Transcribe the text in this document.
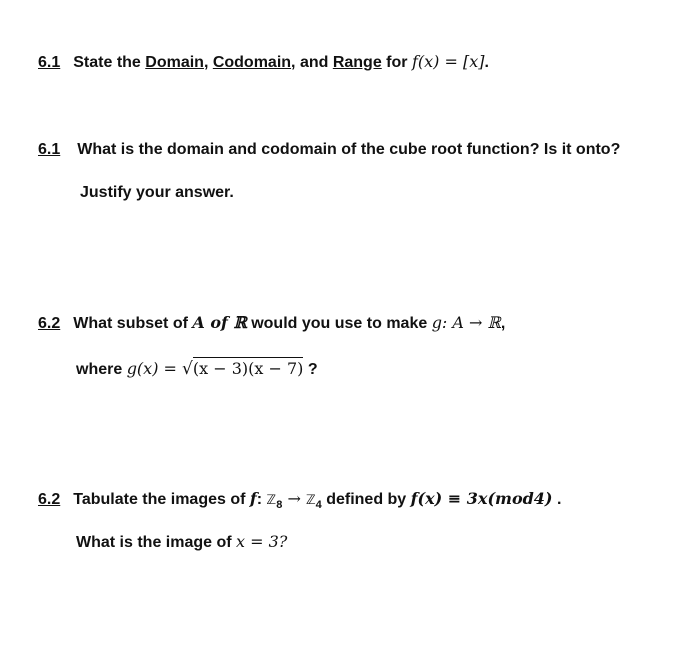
6.1 State the Domain, Codomain, and Range for f(x) = [x].
6.1 What is the domain and codomain of the cube root function? Is it onto?
Justify your answer.
6.2 What subset of A of ℝ would you use to make g: A → ℝ,
where g(x) = √(x − 3)(x − 7) ?
6.2 Tabulate the images of f: ℤ$_8$ → ℤ$_4$ defined by f(x) ≡ 3x(mod4) .
What is the image of x = 3?
